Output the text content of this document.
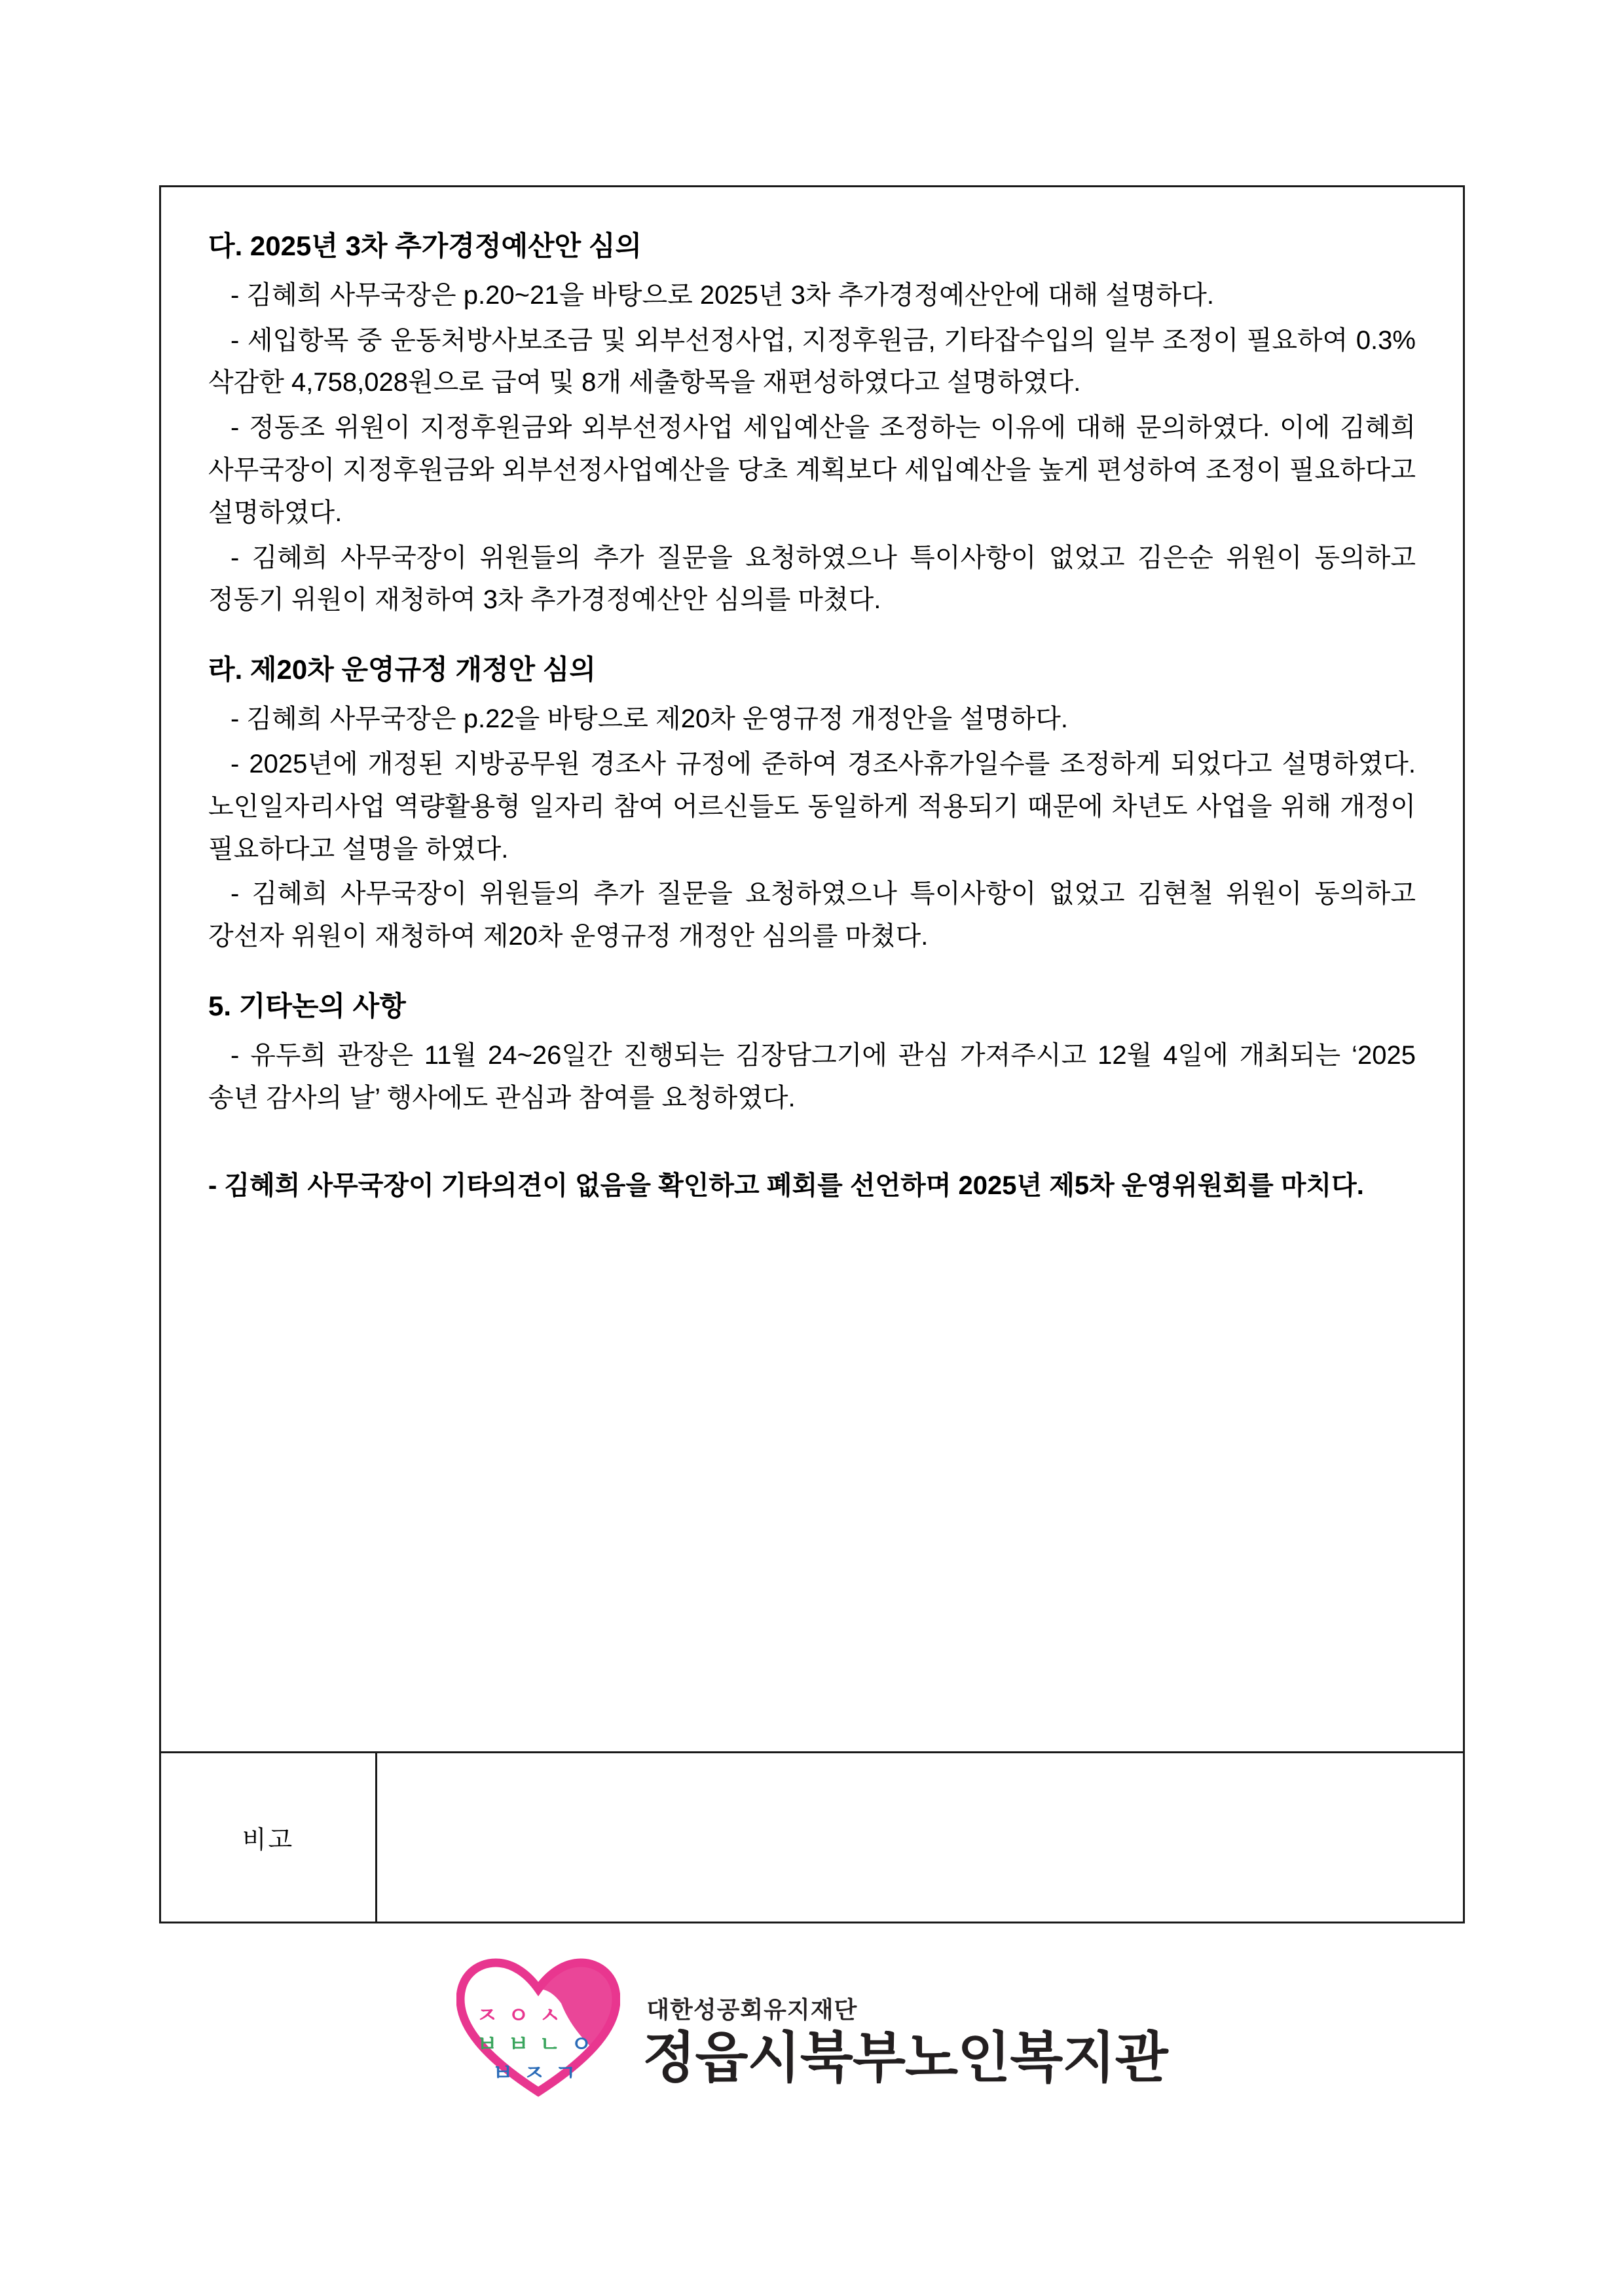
다. 2025년 3차 추가경정예산안 심의

- 김혜희 사무국장은 p.20~21을 바탕으로 2025년 3차 추가경정예산안에 대해 설명하다.

- 세입항목 중 운동처방사보조금 및 외부선정사업, 지정후원금, 기타잡수입의 일부 조정이 필요하여 0.3% 삭감한 4,758,028원으로 급여 및 8개 세출항목을 재편성하였다고 설명하였다.

- 정동조 위원이 지정후원금와 외부선정사업 세입예산을 조정하는 이유에 대해 문의하였다. 이에 김혜희 사무국장이 지정후원금와 외부선정사업예산을 당초 계획보다 세입예산을 높게 편성하여 조정이 필요하다고 설명하였다.

- 김혜희 사무국장이 위원들의 추가 질문을 요청하였으나 특이사항이 없었고 김은순 위원이 동의하고 정동기 위원이 재청하여 3차 추가경정예산안 심의를 마쳤다.

라. 제20차 운영규정 개정안 심의

- 김혜희 사무국장은 p.22을 바탕으로 제20차 운영규정 개정안을 설명하다.

- 2025년에 개정된 지방공무원 경조사 규정에 준하여 경조사휴가일수를 조정하게 되었다고 설명하였다. 노인일자리사업 역량활용형 일자리 참여 어르신들도 동일하게 적용되기 때문에 차년도 사업을 위해 개정이 필요하다고 설명을 하였다.

- 김혜희 사무국장이 위원들의 추가 질문을 요청하였으나 특이사항이 없었고 김현철 위원이 동의하고 강선자 위원이 재청하여 제20차 운영규정 개정안 심의를 마쳤다.

5. 기타논의 사항

- 유두희 관장은 11월 24~26일간 진행되는 김장담그기에 관심 가져주시고 12월 4일에 개최되는 ‘2025 송년 감사의 날’ 행사에도 관심과 참여를 요청하였다.

- 김혜희 사무국장이 기타의견이 없음을 확인하고 폐회를 선언하며 2025년 제5차 운영위원회를 마치다.

비고
ㅈ ㅇ ㅅ
ㅂ ㅂ ㄴ ㅇ
ㅂ ㅈ ㄱ
대한성공회유지재단
정읍시북부노인복지관
